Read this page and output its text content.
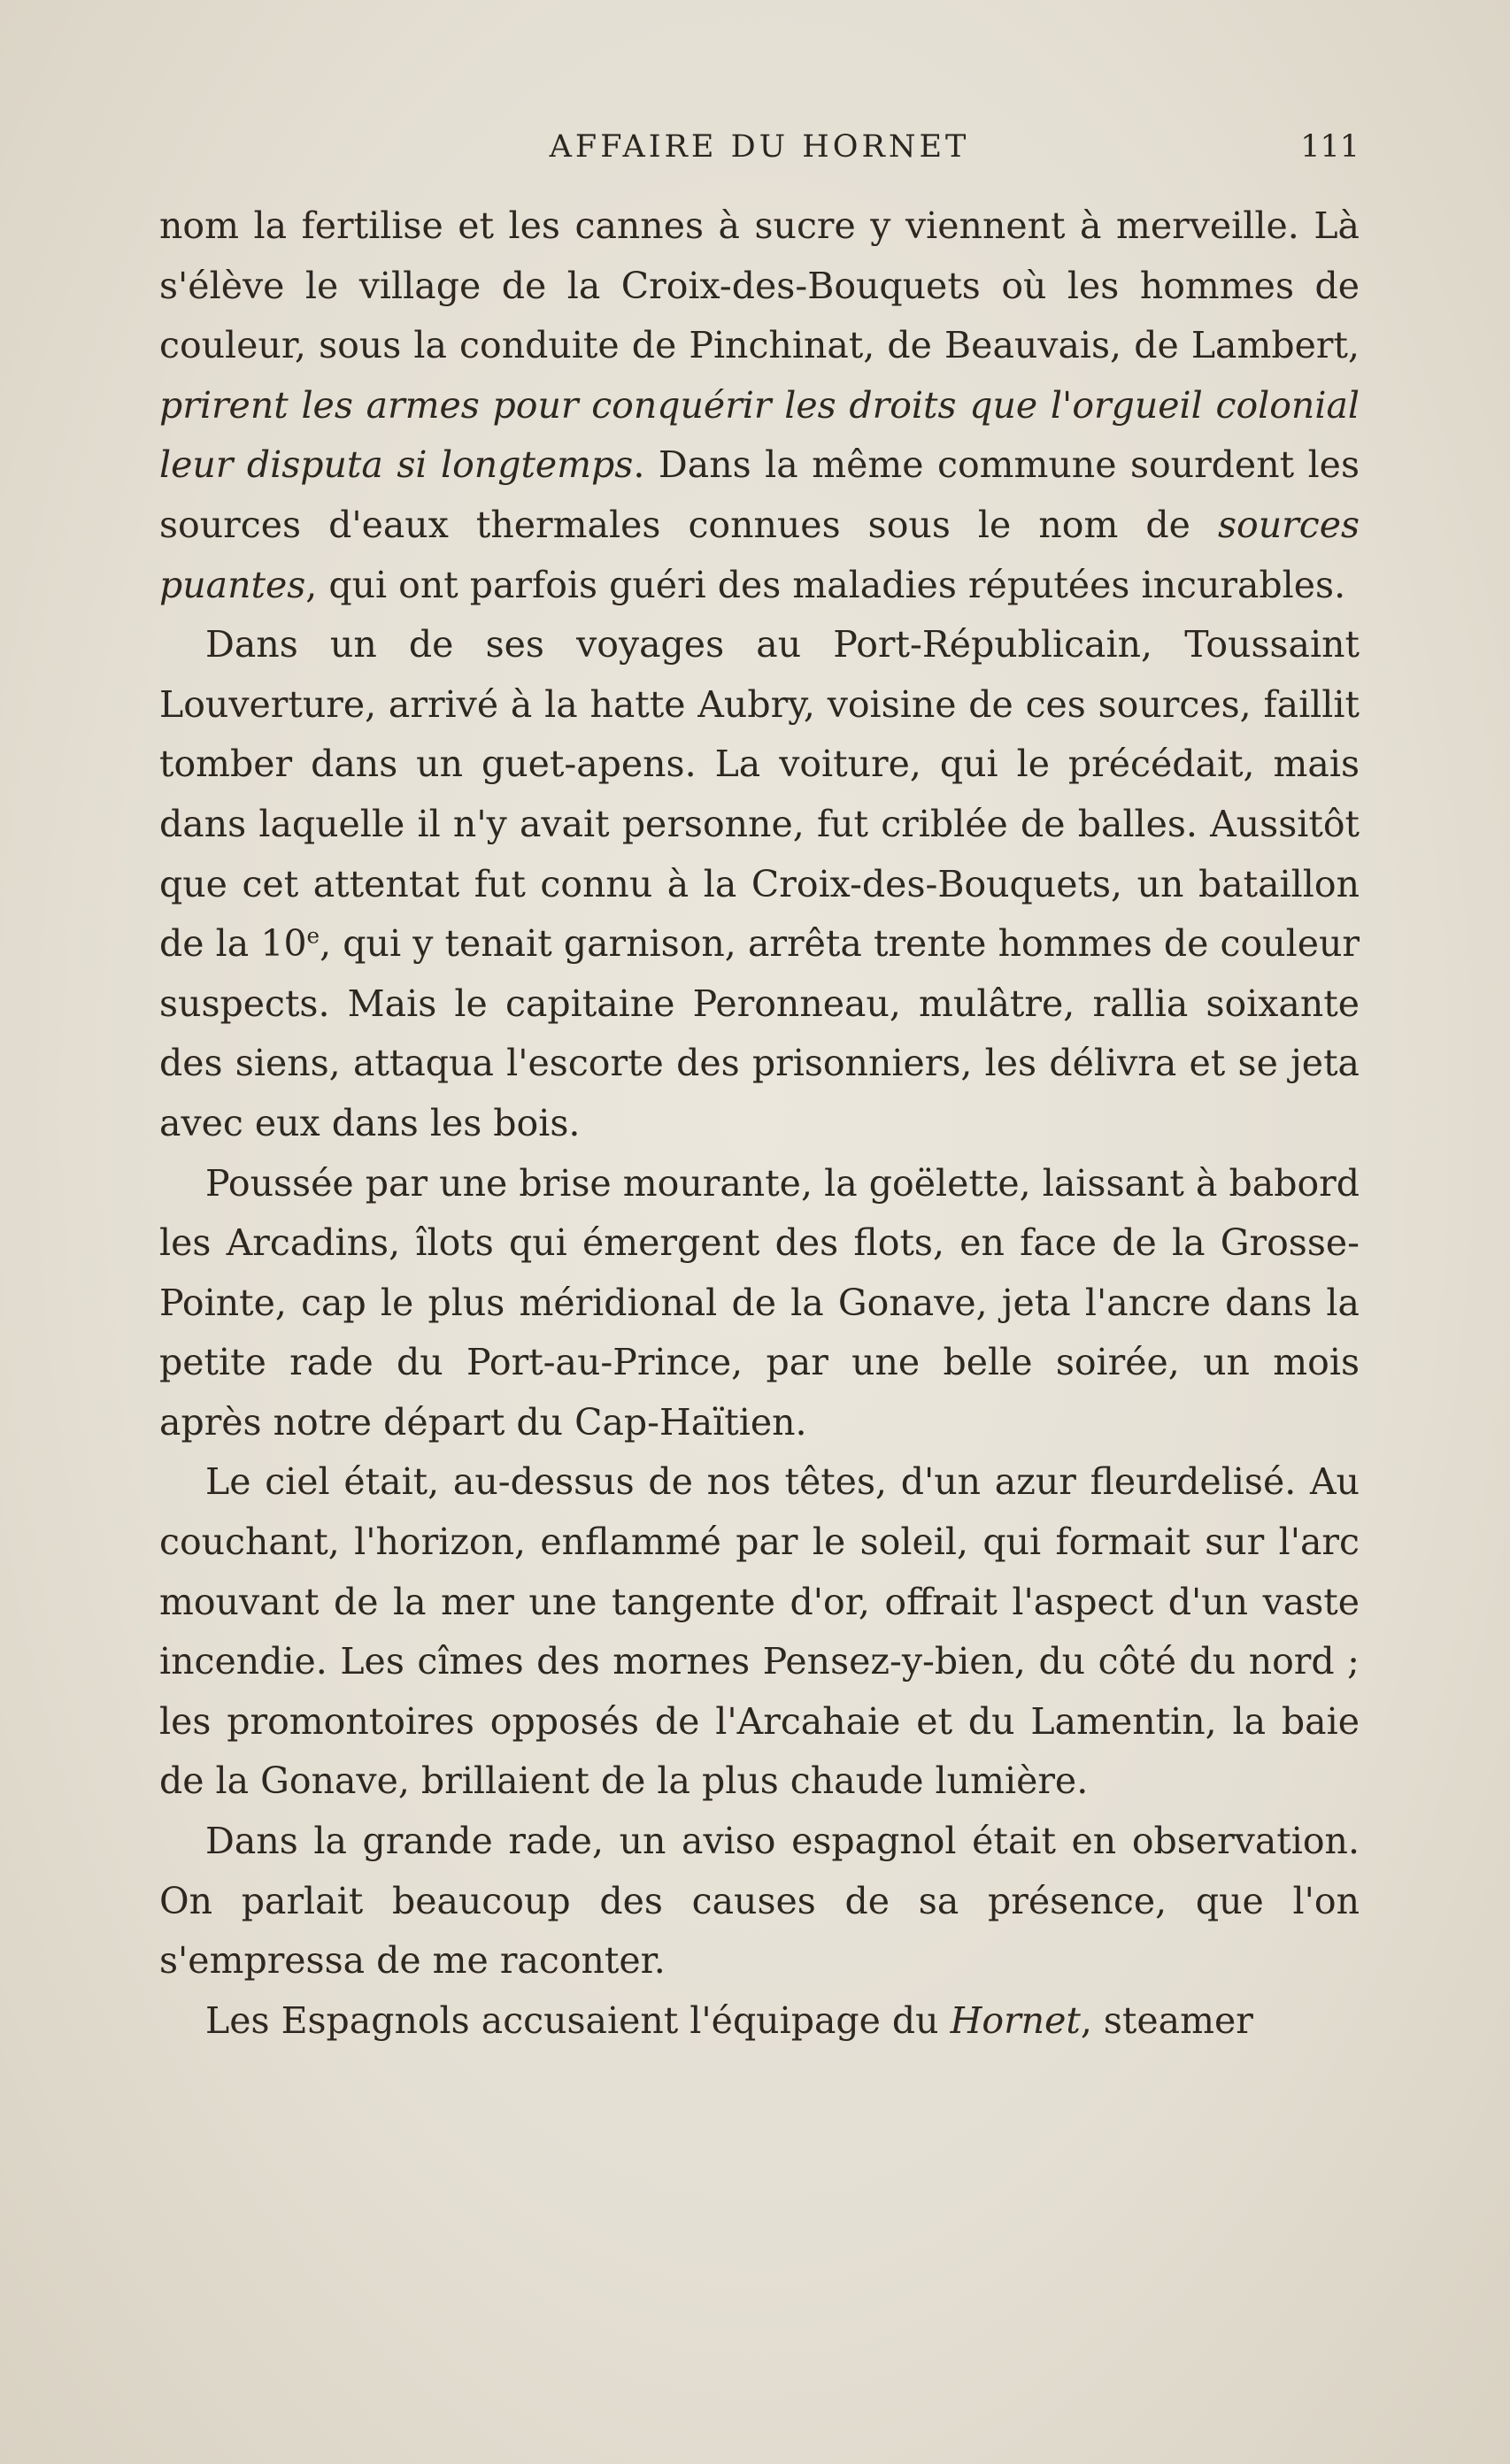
AFFAIRE DU HORNET	111

nom la fertilise et les cannes à sucre y viennent à merveille. Là s'élève le village de la Croix-des-Bouquets où les hommes de couleur, sous la conduite de Pinchinat, de Beauvais, de Lambert, prirent les armes pour conquérir les droits que l'orgueil colonial leur disputa si longtemps. Dans la même commune sourdent les sources d'eaux thermales connues sous le nom de sources puantes, qui ont parfois guéri des maladies réputées incurables.

Dans un de ses voyages au Port-Républicain, Toussaint Louverture, arrivé à la hatte Aubry, voisine de ces sources, faillit tomber dans un guet-apens. La voiture, qui le précédait, mais dans laquelle il n'y avait personne, fut criblée de balles. Aussitôt que cet attentat fut connu à la Croix-des-Bouquets, un bataillon de la 10e, qui y tenait garnison, arrêta trente hommes de couleur suspects. Mais le capitaine Peronneau, mulâtre, rallia soixante des siens, attaqua l'escorte des prisonniers, les délivra et se jeta avec eux dans les bois.

Poussée par une brise mourante, la goëlette, laissant à babord les Arcadins, îlots qui émergent des flots, en face de la Grosse-Pointe, cap le plus méridional de la Gonave, jeta l'ancre dans la petite rade du Port-au-Prince, par une belle soirée, un mois après notre départ du Cap-Haïtien.

Le ciel était, au-dessus de nos têtes, d'un azur fleurdelisé. Au couchant, l'horizon, enflammé par le soleil, qui formait sur l'arc mouvant de la mer une tangente d'or, offrait l'aspect d'un vaste incendie. Les cîmes des mornes Pensez-y-bien, du côté du nord ; les promontoires opposés de l'Arcahaie et du Lamentin, la baie de la Gonave, brillaient de la plus chaude lumière.

Dans la grande rade, un aviso espagnol était en observation. On parlait beaucoup des causes de sa présence, que l'on s'empressa de me raconter.

Les Espagnols accusaient l'équipage du Hornet, steamer
